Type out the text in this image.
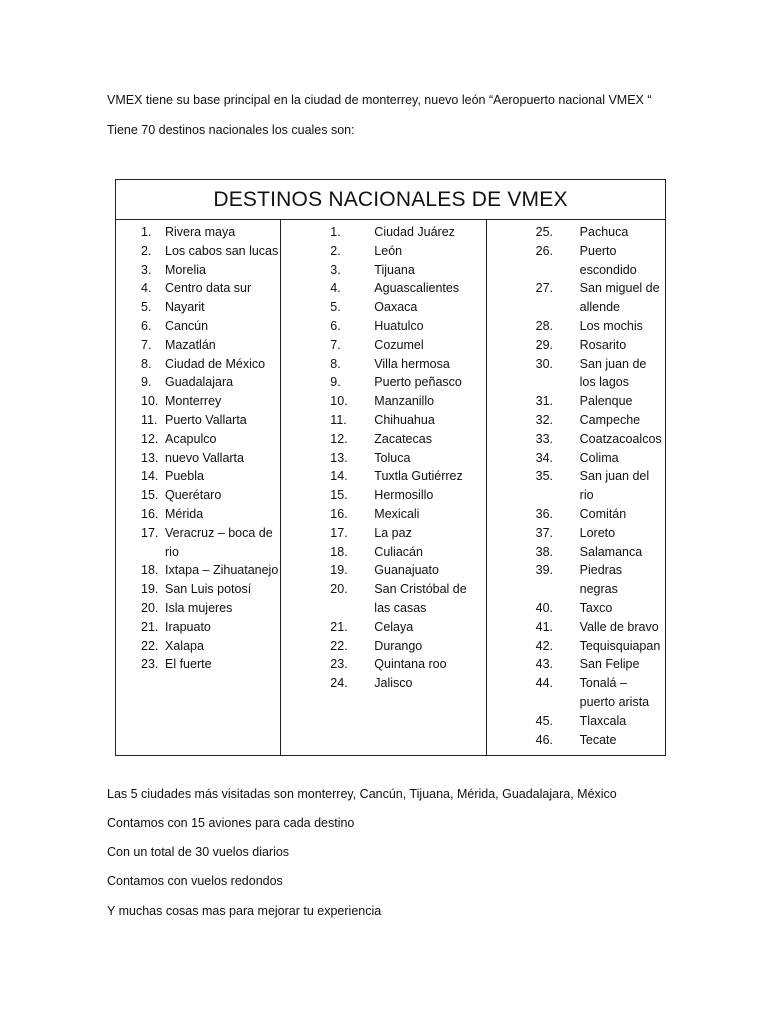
VMEX tiene su base principal en la ciudad de monterrey, nuevo león “Aeropuerto nacional VMEX “

Tiene 70 destinos nacionales los cuales son:

DESTINOS NACIONALES DE VMEX

1.	Rivera maya
2.	Los cabos san lucas
3.	Morelia
4.	Centro data sur
5.	Nayarit
6.	Cancún
7.	Mazatlán
8.	Ciudad de México
9.	Guadalajara
10. Monterrey
11. Puerto Vallarta
12. Acapulco
13. nuevo Vallarta
14. Puebla
15. Querétaro
16. Mérida
17. Veracruz – boca de rio
18. Ixtapa – Zihuatanejo
19. San Luis potosí
20. Isla mujeres
21. Irapuato
22. Xalapa
23. El fuerte

1.	Ciudad Juárez
2.	León
3.	Tijuana
4.	Aguascalientes
5.	Oaxaca
6.	Huatulco
7.	Cozumel
8.	Villa hermosa
9.	Puerto peñasco
10.	Manzanillo
11.	Chihuahua
12.	Zacatecas
13.	Toluca
14.	Tuxtla Gutiérrez
15.	Hermosillo
16.	Mexicali
17.	La paz
18.	Culiacán
19.	Guanajuato
20.	San Cristóbal de las casas
21.	Celaya
22.	Durango
23.	Quintana roo
24.	Jalisco

25.	Pachuca
26.	Puerto escondido
27.	San miguel de allende
28.	Los mochis
29.	Rosarito
30.	San juan de los lagos
31.	Palenque
32.	Campeche
33.	Coatzacoalcos
34.	Colima
35.	San juan del rio
36.	Comitán
37.	Loreto
38.	Salamanca
39.	Piedras negras
40.	Taxco
41.	Valle de bravo
42.	Tequisquiapan
43.	San Felipe
44.	Tonalá – puerto arista
45.	Tlaxcala
46.	Tecate

Las 5 ciudades más visitadas son monterrey, Cancún, Tijuana, Mérida, Guadalajara, México

Contamos con 15 aviones para cada destino

Con un total de 30 vuelos diarios

Contamos con vuelos redondos

Y muchas cosas mas para mejorar tu experiencia
